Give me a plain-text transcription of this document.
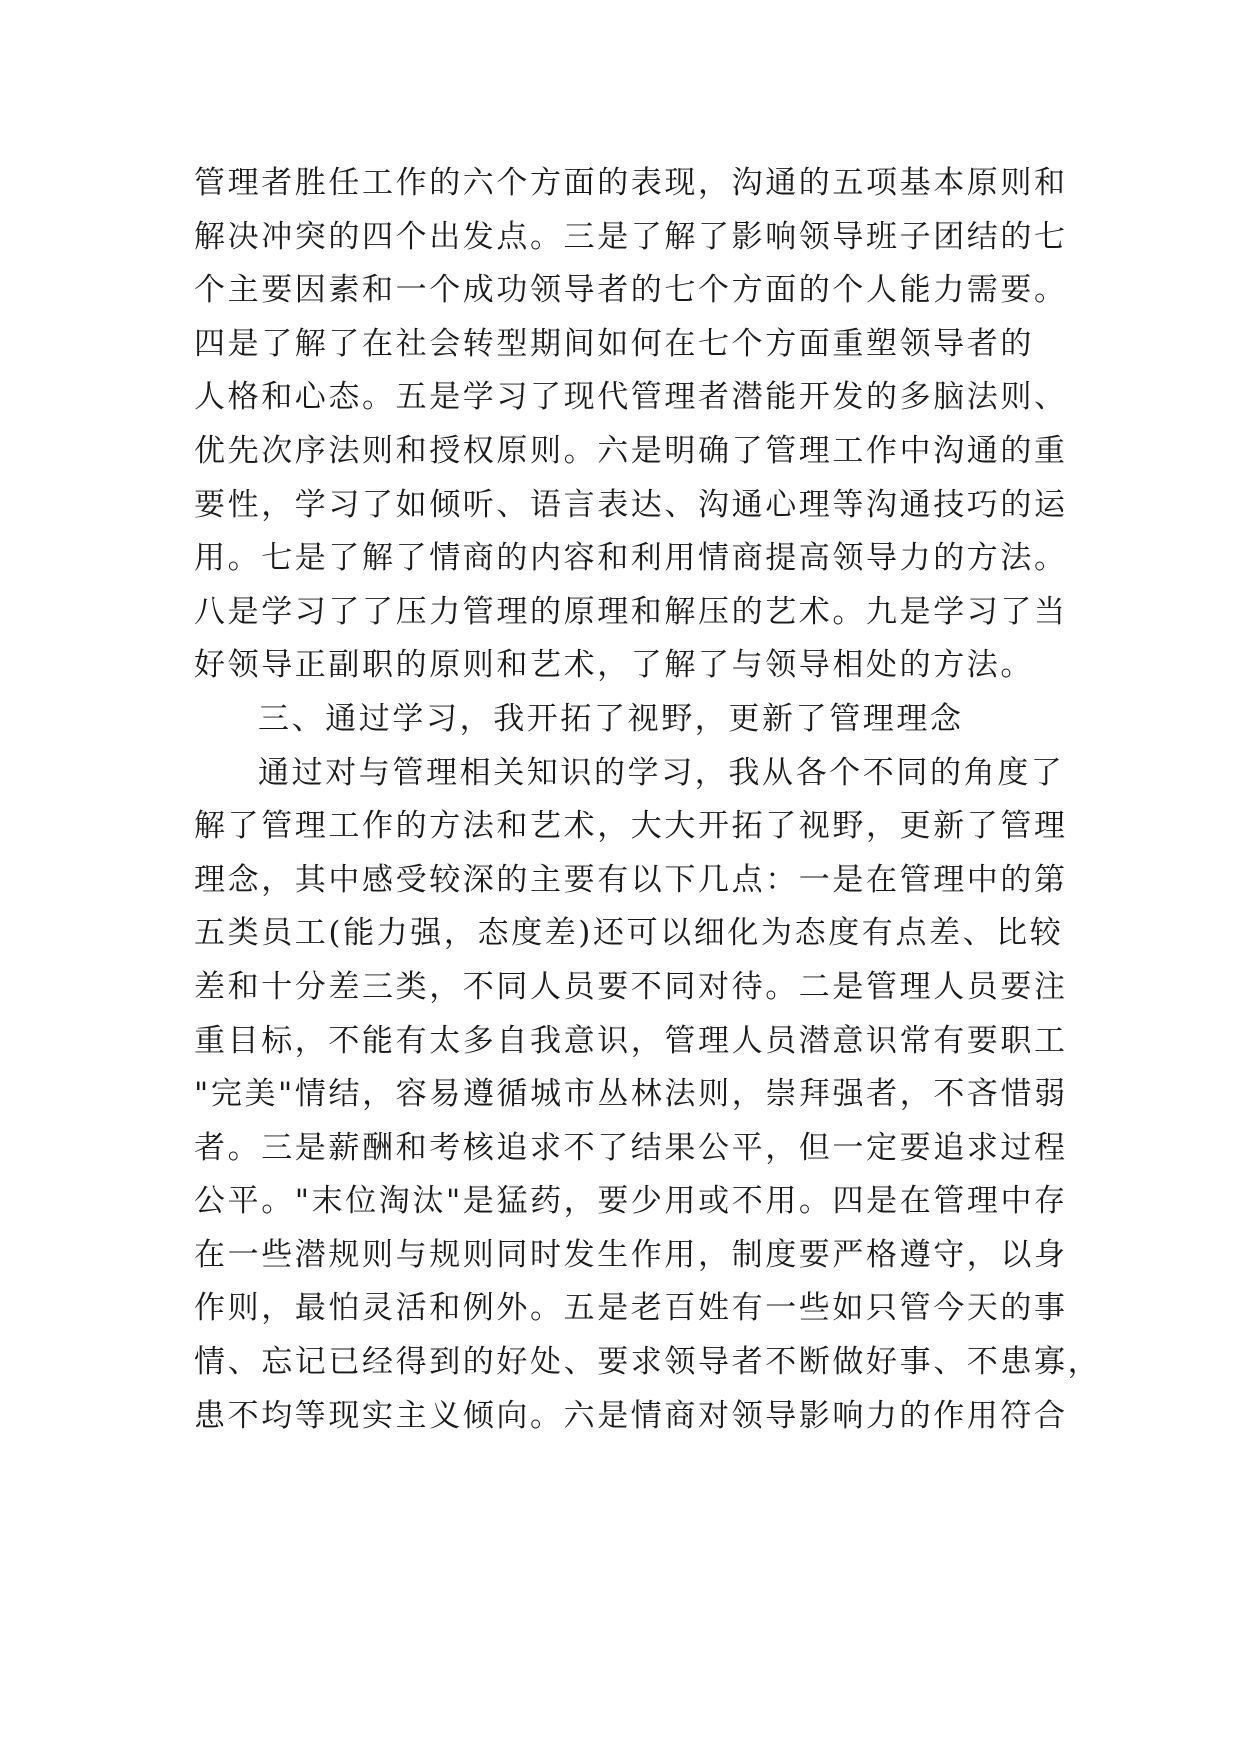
管理者胜任工作的六个方面的表现，沟通的五项基本原则和
解决冲突的四个出发点。三是了解了影响领导班子团结的七
个主要因素和一个成功领导者的七个方面的个人能力需要。
四是了解了在社会转型期间如何在七个方面重塑领导者的
人格和心态。五是学习了现代管理者潜能开发的多脑法则、
优先次序法则和授权原则。六是明确了管理工作中沟通的重
要性，学习了如倾听、语言表达、沟通心理等沟通技巧的运
用。七是了解了情商的内容和利用情商提高领导力的方法。
八是学习了了压力管理的原理和解压的艺术。九是学习了当
好领导正副职的原则和艺术，了解了与领导相处的方法。
三、通过学习，我开拓了视野，更新了管理理念
通过对与管理相关知识的学习，我从各个不同的角度了
解了管理工作的方法和艺术，大大开拓了视野，更新了管理
理念，其中感受较深的主要有以下几点：一是在管理中的第
五类员工(能力强，态度差)还可以细化为态度有点差、比较
差和十分差三类，不同人员要不同对待。二是管理人员要注
重目标，不能有太多自我意识，管理人员潜意识常有要职工
"完美"情结，容易遵循城市丛林法则，崇拜强者，不吝惜弱
者。三是薪酬和考核追求不了结果公平，但一定要追求过程
公平。"末位淘汰"是猛药，要少用或不用。四是在管理中存
在一些潜规则与规则同时发生作用，制度要严格遵守，以身
作则，最怕灵活和例外。五是老百姓有一些如只管今天的事
情、忘记已经得到的好处、要求领导者不断做好事、不患寡，
患不均等现实主义倾向。六是情商对领导影响力的作用符合
